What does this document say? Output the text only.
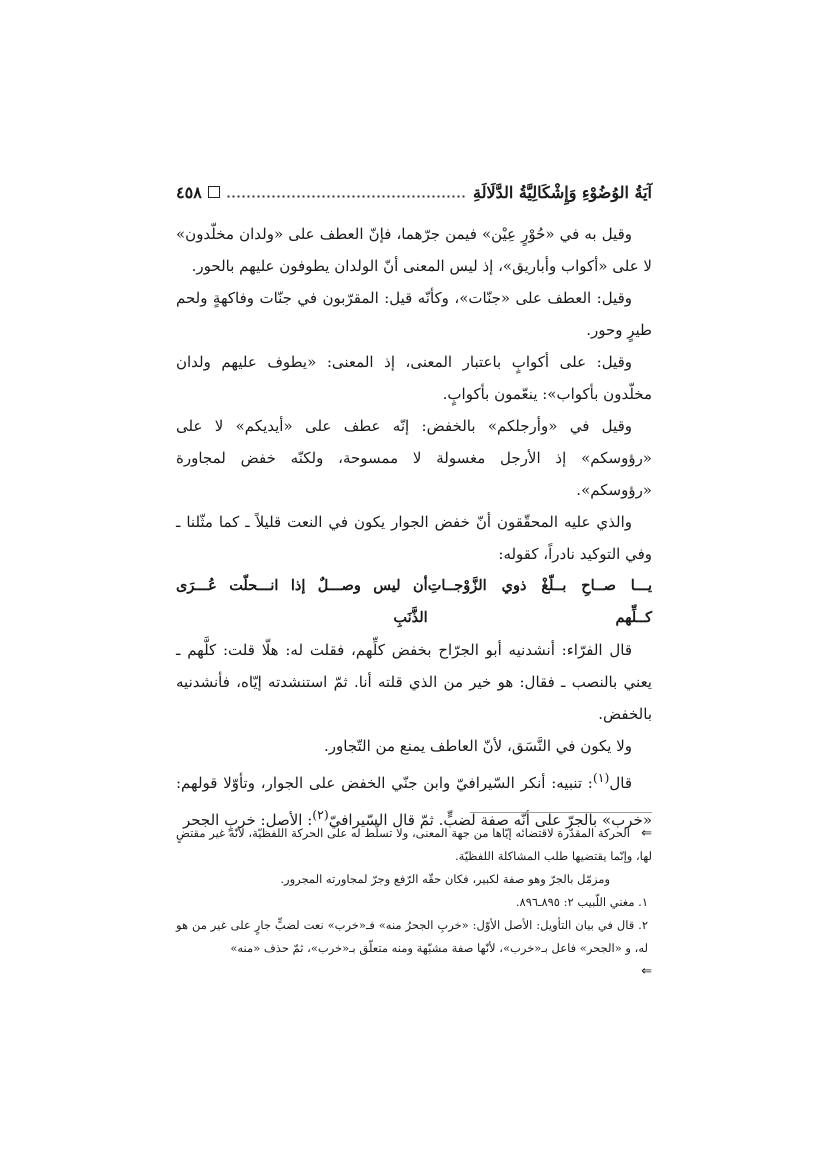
٤٥٨	آيَةُ الوُضُوْءِ وَإِشْكَالِيَّةُ الدَّلَالَةِ

وقيل به في «حُوْرٍ عِيْن» فيمن جرّهما، فإنّ العطف على «ولدان مخلّدون» لا على «أكواب وأباريق»، إذ ليس المعنى أنّ الولدان يطوفون عليهم بالحور.

وقيل: العطف على «جنّات»، وكأنّه قيل: المقرّبون في جنّات وفاكهةٍ ولحم طيرٍ وحور.

وقيل: على أكوابٍ باعتبار المعنى، إذ المعنى: «يطوف عليهم ولدان مخلّدون بأكواب»: ينعّمون بأكوابٍ.

وقيل في «وأرجلكم» بالخفض: إنّه عطف على «أيديكم» لا على «رؤوسكم» إذ الأرجل مغسولة لا ممسوحة، ولكنّه خفض لمجاورة «رؤوسكم».

والذي عليه المحقّقون أنّ خفض الجوار يكون في النعت قليلاً ـ كما مثّلنا ـ وفي التوكيد نادراً، كقوله:

يـــا صــاحِ بــلّغْ ذوي الزَّوْجــاتِ كــلِّهم
أن ليس وصـــلٌ إذا انـــحلّت عُـــرَى الذَّنَبِ

قال الفرّاء: أنشدنيه أبو الجرّاح بخفض كلِّهم، فقلت له: هلّا قلت: كلَّهم ـ يعني بالنصب ـ فقال: هو خير من الذي قلته أنا. ثمّ استنشدته إيّاه، فأنشدنيه بالخفض.

ولا يكون في النَّسَق، لأنّ العاطف يمنع من التّجاور.

قال$^{(١)}$: تنبيه: أنكر السّيرافيّ وابن جنّي الخفض على الجوار، وتأوّلا قولهم: «خرب» بالجرّ على أنّه صفة لضبٍّ. ثمّ قال السّيرافيّ$^{(٢)}$: الأصل: خربٍ الجحر

⇐   الحركة المقدّرة لاقتضائه إيّاها من جهة المعنى، ولا تسلّط له على الحركة اللفظيّة، لأنّه غير مقتضٍ لها، وإنّما يقتضيها طلب المشاكلة اللفظيّة.

ومزمّل بالجرّ وهو صفة لكبير، فكان حقّه الرّفع وجرّ لمجاورته المجرور.

١. مغني اللّبيب ٢: ٨٩٥ـ٨٩٦.

٢. قال في بيان التأويل: الأصل الأوّل: «خربِ الجحرُ منه» فـ«خرب» نعت لضبٍّ جارٍ على غير من هو له، و «الجحر» فاعل بـ«خرب»، لأنّها صفة مشبّهة ومنه متعلّق بـ«خرب»، ثمّ حذف «منه»

⇐
